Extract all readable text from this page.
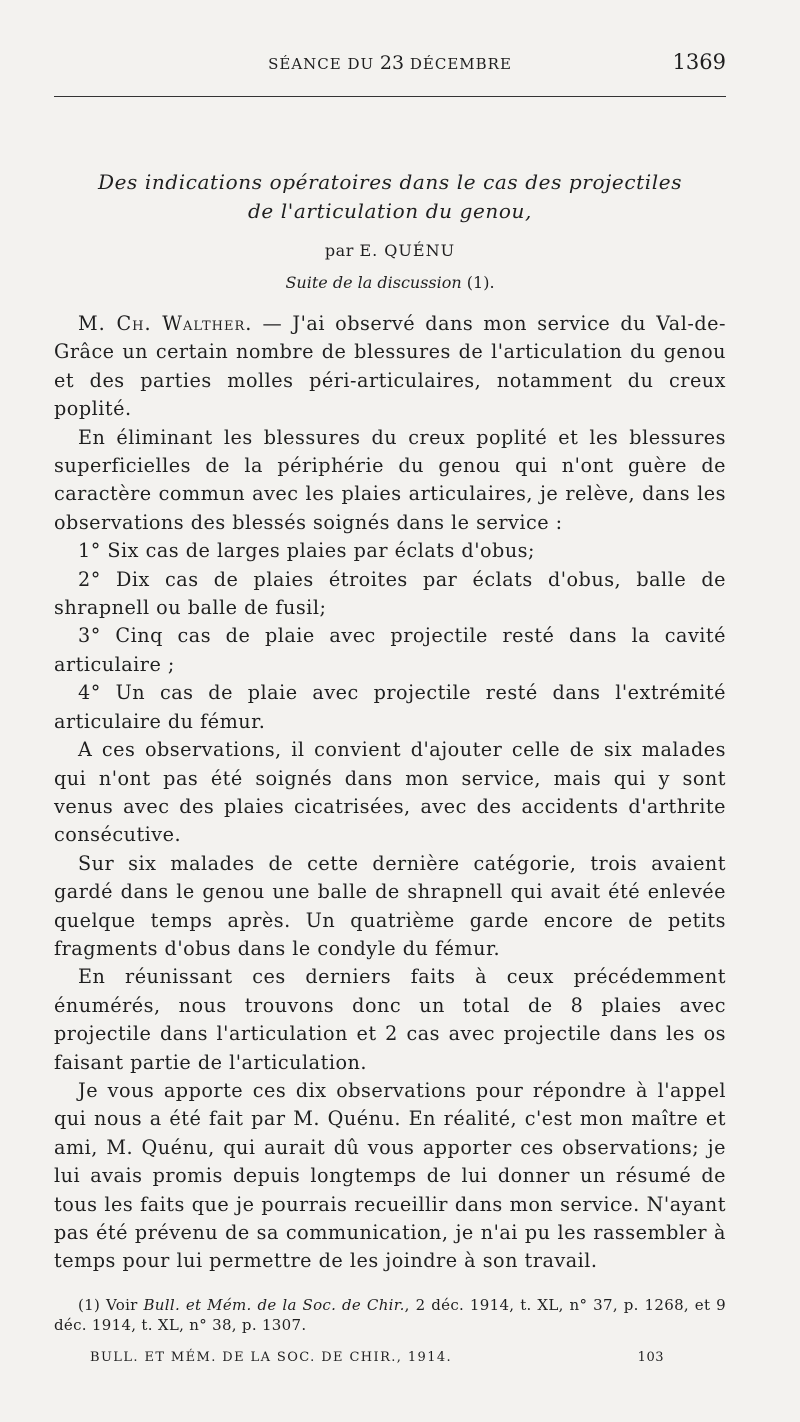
SÉANCE DU 23 DÉCEMBRE	1369
Des indications opératoires dans le cas des projectiles
de l'articulation du genou,
par E. QUÉNU
Suite de la discussion (1).

M. Ch. Walther. — J'ai observé dans mon service du Val-de-Grâce un certain nombre de blessures de l'articulation du genou et des parties molles péri-articulaires, notamment du creux poplité.

En éliminant les blessures du creux poplité et les blessures superficielles de la périphérie du genou qui n'ont guère de caractère commun avec les plaies articulaires, je relève, dans les observations des blessés soignés dans le service :

1° Six cas de larges plaies par éclats d'obus;

2° Dix cas de plaies étroites par éclats d'obus, balle de shrapnell ou balle de fusil;

3° Cinq cas de plaie avec projectile resté dans la cavité articulaire ;

4° Un cas de plaie avec projectile resté dans l'extrémité articulaire du fémur.

A ces observations, il convient d'ajouter celle de six malades qui n'ont pas été soignés dans mon service, mais qui y sont venus avec des plaies cicatrisées, avec des accidents d'arthrite consécutive.

Sur six malades de cette dernière catégorie, trois avaient gardé dans le genou une balle de shrapnell qui avait été enlevée quelque temps après. Un quatrième garde encore de petits fragments d'obus dans le condyle du fémur.

En réunissant ces derniers faits à ceux précédemment énumérés, nous trouvons donc un total de 8 plaies avec projectile dans l'articulation et 2 cas avec projectile dans les os faisant partie de l'articulation.

Je vous apporte ces dix observations pour répondre à l'appel qui nous a été fait par M. Quénu. En réalité, c'est mon maître et ami, M. Quénu, qui aurait dû vous apporter ces observations; je lui avais promis depuis longtemps de lui donner un résumé de tous les faits que je pourrais recueillir dans mon service. N'ayant pas été prévenu de sa communication, je n'ai pu les rassembler à temps pour lui permettre de les joindre à son travail.

(1) Voir Bull. et Mém. de la Soc. de Chir., 2 déc. 1914, t. XL, n° 37, p. 1268, et 9 déc. 1914, t. XL, n° 38, p. 1307.

BULL. ET MÉM. DE LA SOC. DE CHIR., 1914.	103
